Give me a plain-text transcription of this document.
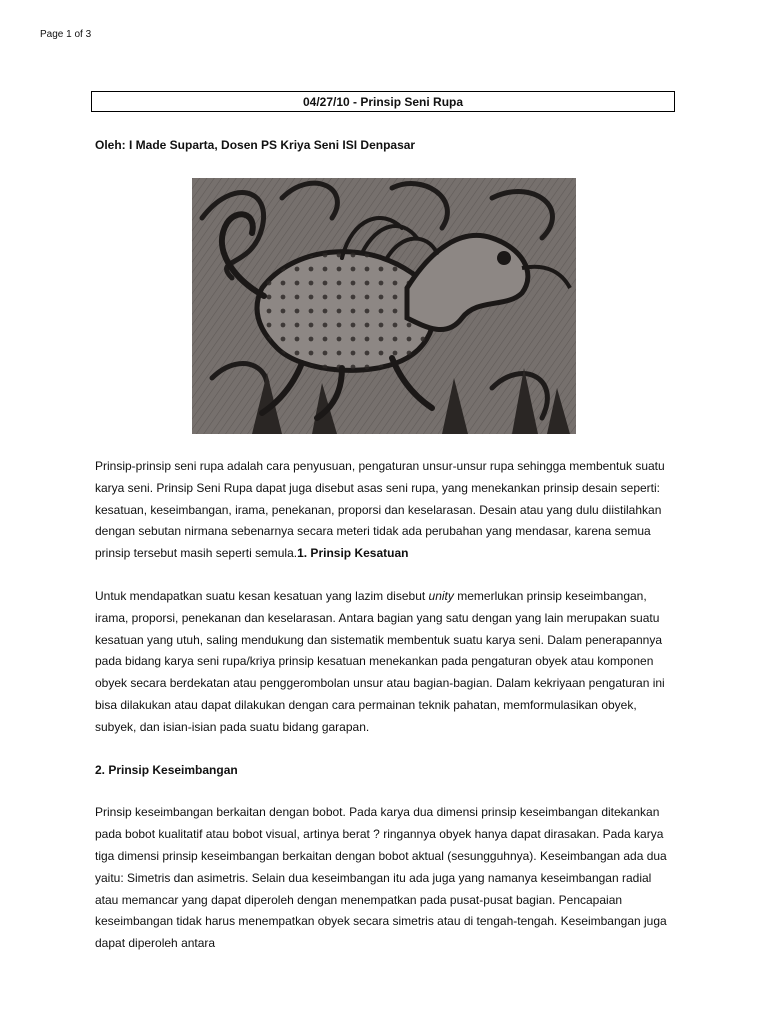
Page 1 of 3
04/27/10 - Prinsip Seni Rupa
Oleh: I Made Suparta, Dosen PS Kriya Seni ISI Denpasar

Prinsip-prinsip seni rupa adalah cara penyusuan, pengaturan unsur-unsur rupa sehingga membentuk suatu karya seni. Prinsip Seni Rupa dapat juga disebut asas seni rupa, yang menekankan prinsip desain seperti: kesatuan, keseimbangan, irama, penekanan, proporsi dan keselarasan. Desain atau yang dulu diistilahkan dengan sebutan nirmana sebenarnya secara meteri tidak ada perubahan yang mendasar, karena semua prinsip tersebut masih seperti semula.1. Prinsip Kesatuan

Untuk mendapatkan suatu kesan kesatuan yang lazim disebut unity memerlukan prinsip keseimbangan, irama, proporsi, penekanan dan keselarasan. Antara bagian yang satu dengan yang lain merupakan suatu kesatuan yang utuh, saling mendukung dan sistematik membentuk suatu karya seni. Dalam penerapannya pada bidang karya seni rupa/kriya prinsip kesatuan menekankan pada pengaturan obyek atau komponen obyek secara berdekatan atau penggerombolan unsur atau bagian-bagian. Dalam kekriyaan pengaturan ini bisa dilakukan atau dapat dilakukan dengan cara permainan teknik pahatan, memformulasikan obyek, subyek, dan isian-isian pada suatu bidang garapan.

2. Prinsip Keseimbangan

Prinsip keseimbangan berkaitan dengan bobot. Pada karya dua dimensi prinsip keseimbangan ditekankan pada bobot kualitatif atau bobot visual, artinya berat ? ringannya obyek hanya dapat dirasakan. Pada karya tiga dimensi prinsip keseimbangan berkaitan dengan bobot aktual (sesungguhnya). Keseimbangan ada dua yaitu: Simetris dan asimetris. Selain dua keseimbangan itu ada juga yang namanya keseimbangan radial atau memancar yang dapat diperoleh dengan menempatkan pada pusat-pusat bagian. Pencapaian keseimbangan tidak harus menempatkan obyek secara simetris atau di tengah-tengah. Keseimbangan juga dapat diperoleh antara
